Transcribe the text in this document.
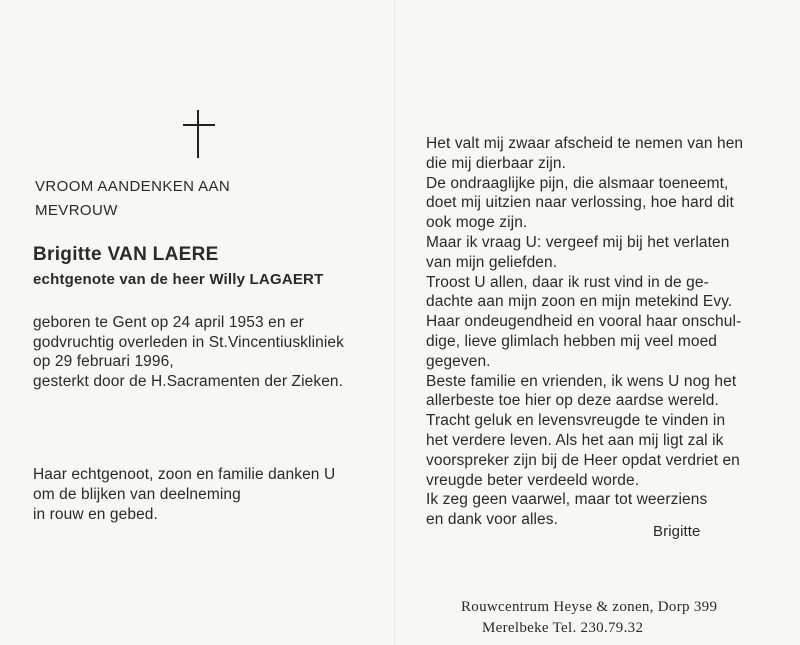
VROOM AANDENKEN AAN
MEVROUW
Brigitte VAN LAERE
echtgenote van de heer Willy LAGAERT
geboren te Gent op 24 april 1953 en er
godvruchtig overleden in St.Vincentiuskliniek
op 29 februari 1996,
gesterkt door de H.Sacramenten der Zieken.
Haar echtgenoot, zoon en familie danken U
om de blijken van deelneming
in rouw en gebed.
Het valt mij zwaar afscheid te nemen van hen
die mij dierbaar zijn.
De ondraaglijke pijn, die alsmaar toeneemt,
doet mij uitzien naar verlossing, hoe hard dit
ook moge zijn.
Maar ik vraag U: vergeef mij bij het verlaten
van mijn geliefden.
Troost U allen, daar ik rust vind in de ge-
dachte aan mijn zoon en mijn metekind Evy.
Haar ondeugendheid en vooral haar onschul-
dige, lieve glimlach hebben mij veel moed
gegeven.
Beste familie en vrienden, ik wens U nog het
allerbeste toe hier op deze aardse wereld.
Tracht geluk en levensvreugde te vinden in
het verdere leven. Als het aan mij ligt zal ik
voorspreker zijn bij de Heer opdat verdriet en
vreugde beter verdeeld worde.
Ik zeg geen vaarwel, maar tot weerziens
en dank voor alles.
Brigitte
Rouwcentrum Heyse & zonen, Dorp 399
Merelbeke Tel. 230.79.32
